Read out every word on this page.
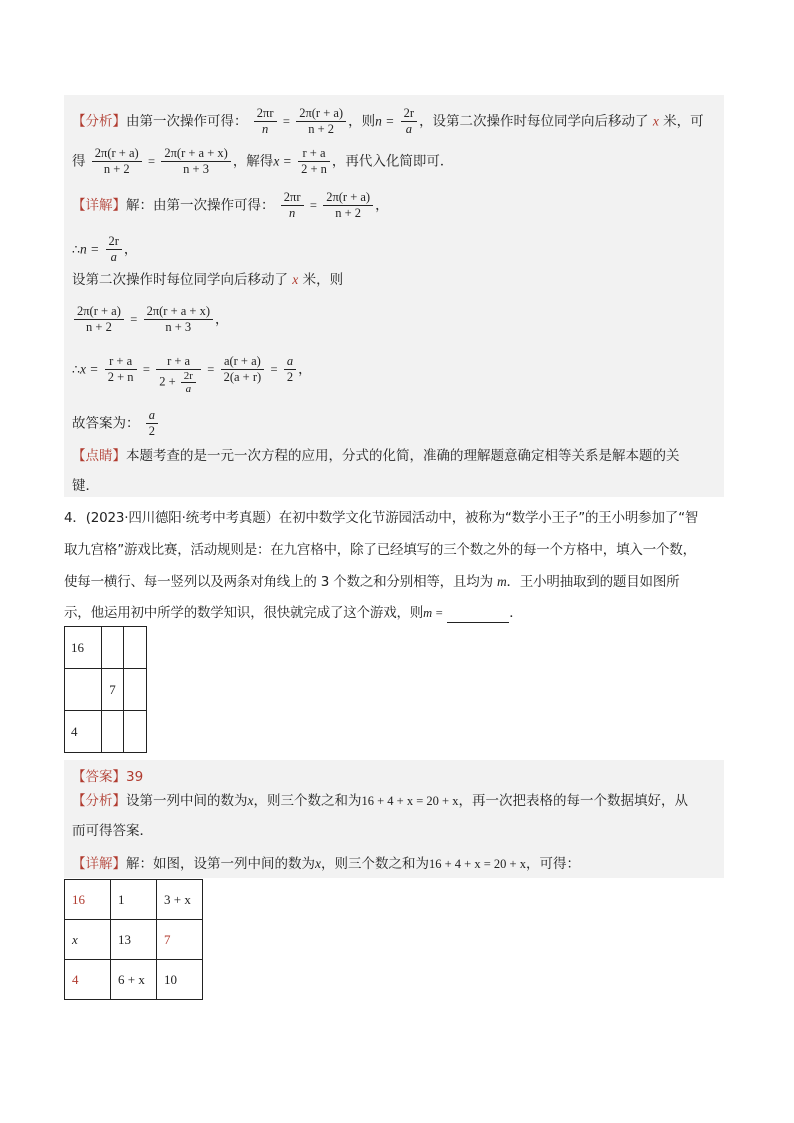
【分析】由第一次操作可得： $\frac{2\pi r}{n} = \frac{2\pi(r + a)}{n + 2}$ ，则$n = \frac{2r}{a}$ ，设第二次操作时每位同学向后移动了 x 米，可
得 $\frac{2\pi(r + a)}{n + 2} = \frac{2\pi(r + a + x)}{n + 3}$ ，解得$x = \frac{r + a}{2 + n}$ ，再代入化简即可．
【详解】解：由第一次操作可得： $\frac{2\pi r}{n} = \frac{2\pi(r + a)}{n + 2}$ ，
∴n = $\frac{2r}{a}$ ，
设第二次操作时每位同学向后移动了 x 米，则
$\frac{2\pi(r + a)}{n + 2} = \frac{2\pi(r + a + x)}{n + 3}$ ，
∴x = $\frac{r + a}{2 + n} = \frac{r + a}{2 + \frac{2r}{a}} = \frac{a(r + a)}{2(a + r)} = \frac{a}{2}$ ，
故答案为： $\frac{a}{2}$
【点睛】本题考查的是一元一次方程的应用，分式的化简，准确的理解题意确定相等关系是解本题的关
键．
4．(2023·四川德阳·统考中考真题）在初中数学文化节游园活动中，被称为“数学小王子”的王小明参加了“智
取九宫格”游戏比赛，活动规则是：在九宫格中，除了已经填写的三个数之外的每一个方格中，填入一个数，
使每一横行、每一竖列以及两条对角线上的 3 个数之和分别相等，且均为 m．王小明抽取到的题目如图所
示，他运用初中所学的数学知识，很快就完成了这个游戏，则m =	．
16		
	7	
4		
【答案】39
【分析】设第一列中间的数为x，则三个数之和为16 + 4 + x = 20 + x，再一次把表格的每一个数据填好，从
而可得答案．
【详解】解：如图，设第一列中间的数为x，则三个数之和为16 + 4 + x = 20 + x，可得：
16	1	3 + x
x	13	7
4	6 + x	10
